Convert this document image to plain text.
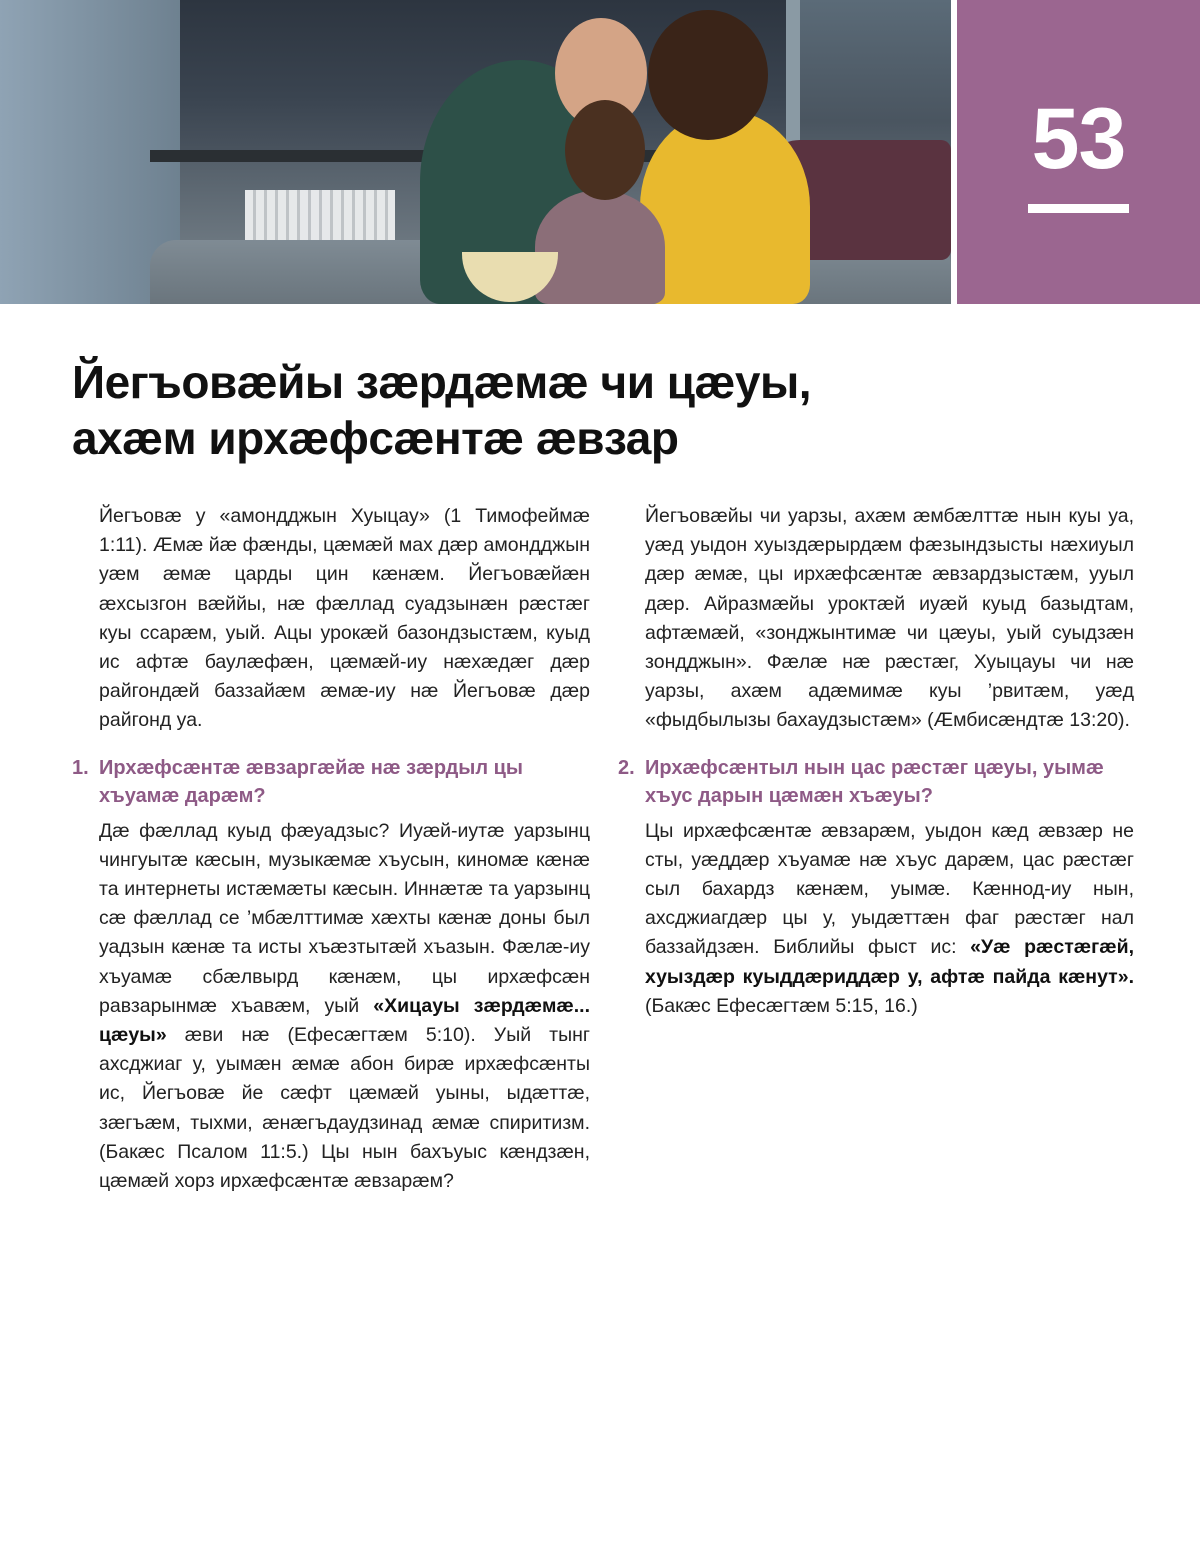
53
Йегъовæйы зæрдæмæ чи цæуы,
ахæм ирхæфсæнтæ æвзар

Йегъовæ у «амондджын Хуыцау» (1 Тимофеймæ 1:11). Æмæ йæ фæнды, цæмæй мах дæр амондджын уæм æмæ царды цин кæнæм. Йегъовæйæн æхсызгон вæййы, нæ фæллад суадзынæн рæстæг куы ссарæм, уый. Ацы урокæй базондзыстæм, куыд ис афтæ баулæфæн, цæмæй-иу нæхæдæг дæр райгондæй баззайæм æмæ-иу нæ Йегъовæ дæр райгонд уа.

1. Ирхæфсæнтæ æвзаргæйæ нæ зæрдыл цы хъуамæ дарæм?

Дæ фæллад куыд фæуадзыс? Иуæй-иутæ уарзынц чингуытæ кæсын, музыкæмæ хъусын, киномæ кæнæ та интернеты истæмæты кæсын. Иннæтæ та уарзынц сæ фæллад се ’мбæлттимæ хæхты кæнæ доны был уадзын кæнæ та исты хъæзтытæй хъазын. Фæлæ-иу хъуамæ сбæлвырд кæнæм, цы ирхæфсæн равзарынмæ хъавæм, уый «Хицауы зæрдæмæ... цæуы» æви нæ (Ефесæгтæм 5:10). Уый тынг ахсджиаг у, уымæн æмæ абон бирæ ирхæфсæнты ис, Йегъовæ йе сæфт цæмæй уыны, ыдæттæ, зæгъæм, тыхми, æнæгъдаудзинад æмæ спиритизм. (Бакæс Псалом 11:5.) Цы нын бахъуыс кæндзæн, цæмæй хорз ирхæфсæнтæ æвзарæм?

Йегъовæйы чи уарзы, ахæм æмбæлттæ нын куы уа, уæд уыдон хуыздæрырдæм фæзындзысты нæхиуыл дæр æмæ, цы ирхæфсæнтæ æвзардзыстæм, ууыл дæр. Айразмæйы урoктæй иуæй куыд базыдтам, афтæмæй, «зонджынтимæ чи цæуы, уый суыдзæн зондджын». Фæлæ нæ рæстæг, Хуыцауы чи нæ уарзы, ахæм адæмимæ куы ’рвитæм, уæд «фыдбылызы бахаудзыстæм» (Æмбисæндтæ 13:20).

2. Ирхæфсæнтыл нын цас рæстæг цæуы, уымæ хъус дарын цæмæн хъæуы?

Цы ирхæфсæнтæ æвзарæм, уыдон кæд æвзæр не сты, уæддæр хъуамæ нæ хъус дарæм, цас рæстæг сыл бахардз кæнæм, уымæ. Кæннод-иу нын, ахсджиагдæр цы у, уыдæттæн фаг рæстæг нал баззайдзæн. Библийы фыст ис: «Уæ рæстæгæй, хуыздæр куыддæриддæр у, афтæ пайда кæнут». (Бакæс Ефесæгтæм 5:15, 16.)
